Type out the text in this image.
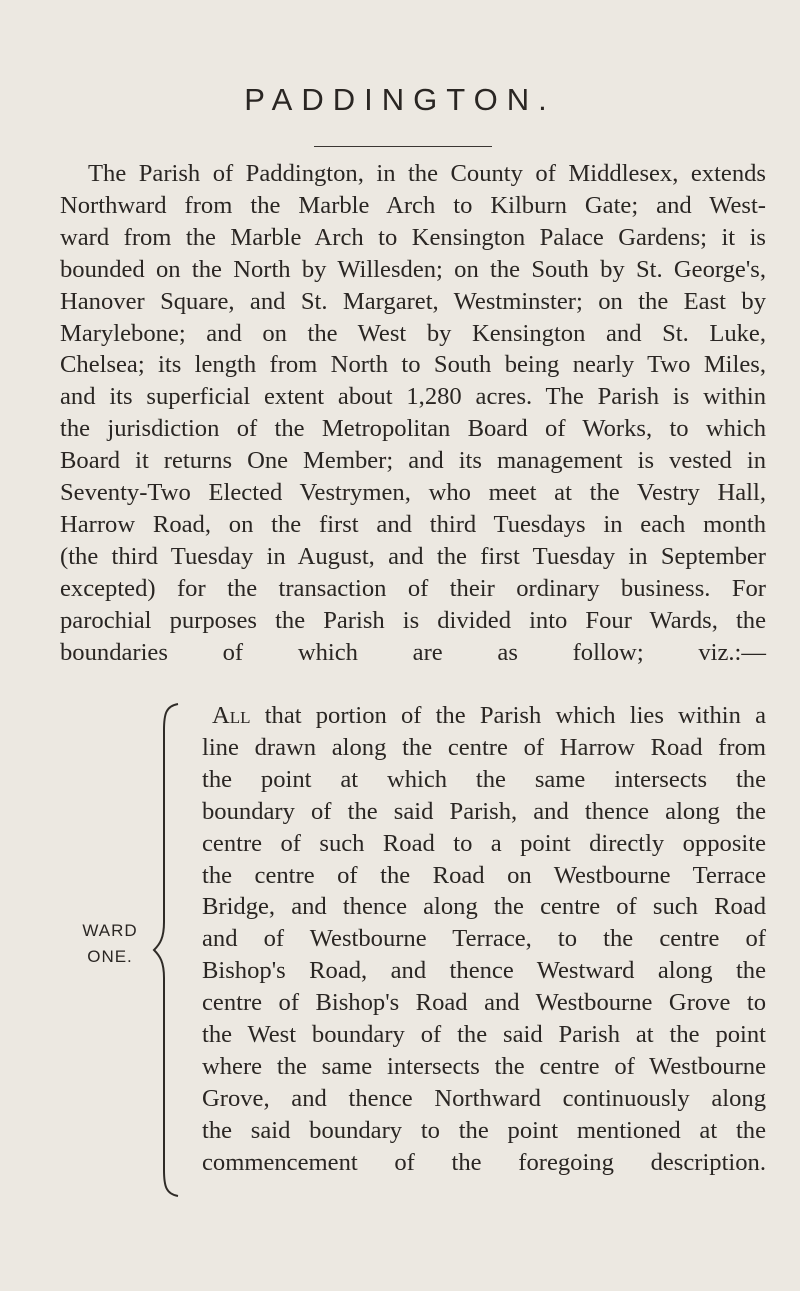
PADDINGTON.
The Parish of Paddington, in the County of Middlesex, extends
Northward from the Marble Arch to Kilburn Gate; and West-
ward from the Marble Arch to Kensington Palace Gardens; it is
bounded on the North by Willesden; on the South by St. George's,
Hanover Square, and St. Margaret, Westminster; on the East by
Marylebone; and on the West by Kensington and St. Luke,
Chelsea; its length from North to South being nearly Two Miles,
and its superficial extent about 1,280 acres. The Parish is within
the jurisdiction of the Metropolitan Board of Works, to which
Board it returns One Member; and its management is vested in
Seventy-Two Elected Vestrymen, who meet at the Vestry Hall,
Harrow Road, on the first and third Tuesdays in each month
(the third Tuesday in August, and the first Tuesday in September
excepted) for the transaction of their ordinary business. For
parochial purposes the Parish is divided into Four Wards, the
boundaries of which are as follow; viz.:—
WARD
ONE.
All that portion of the Parish which lies within a
line drawn along the centre of Harrow Road from
the point at which the same intersects the
boundary of the said Parish, and thence along the
centre of such Road to a point directly opposite
the centre of the Road on Westbourne Terrace
Bridge, and thence along the centre of such Road
and of Westbourne Terrace, to the centre of
Bishop's Road, and thence Westward along the
centre of Bishop's Road and Westbourne Grove to
the West boundary of the said Parish at the point
where the same intersects the centre of Westbourne
Grove, and thence Northward continuously along
the said boundary to the point mentioned at the
commencement of the foregoing description.
